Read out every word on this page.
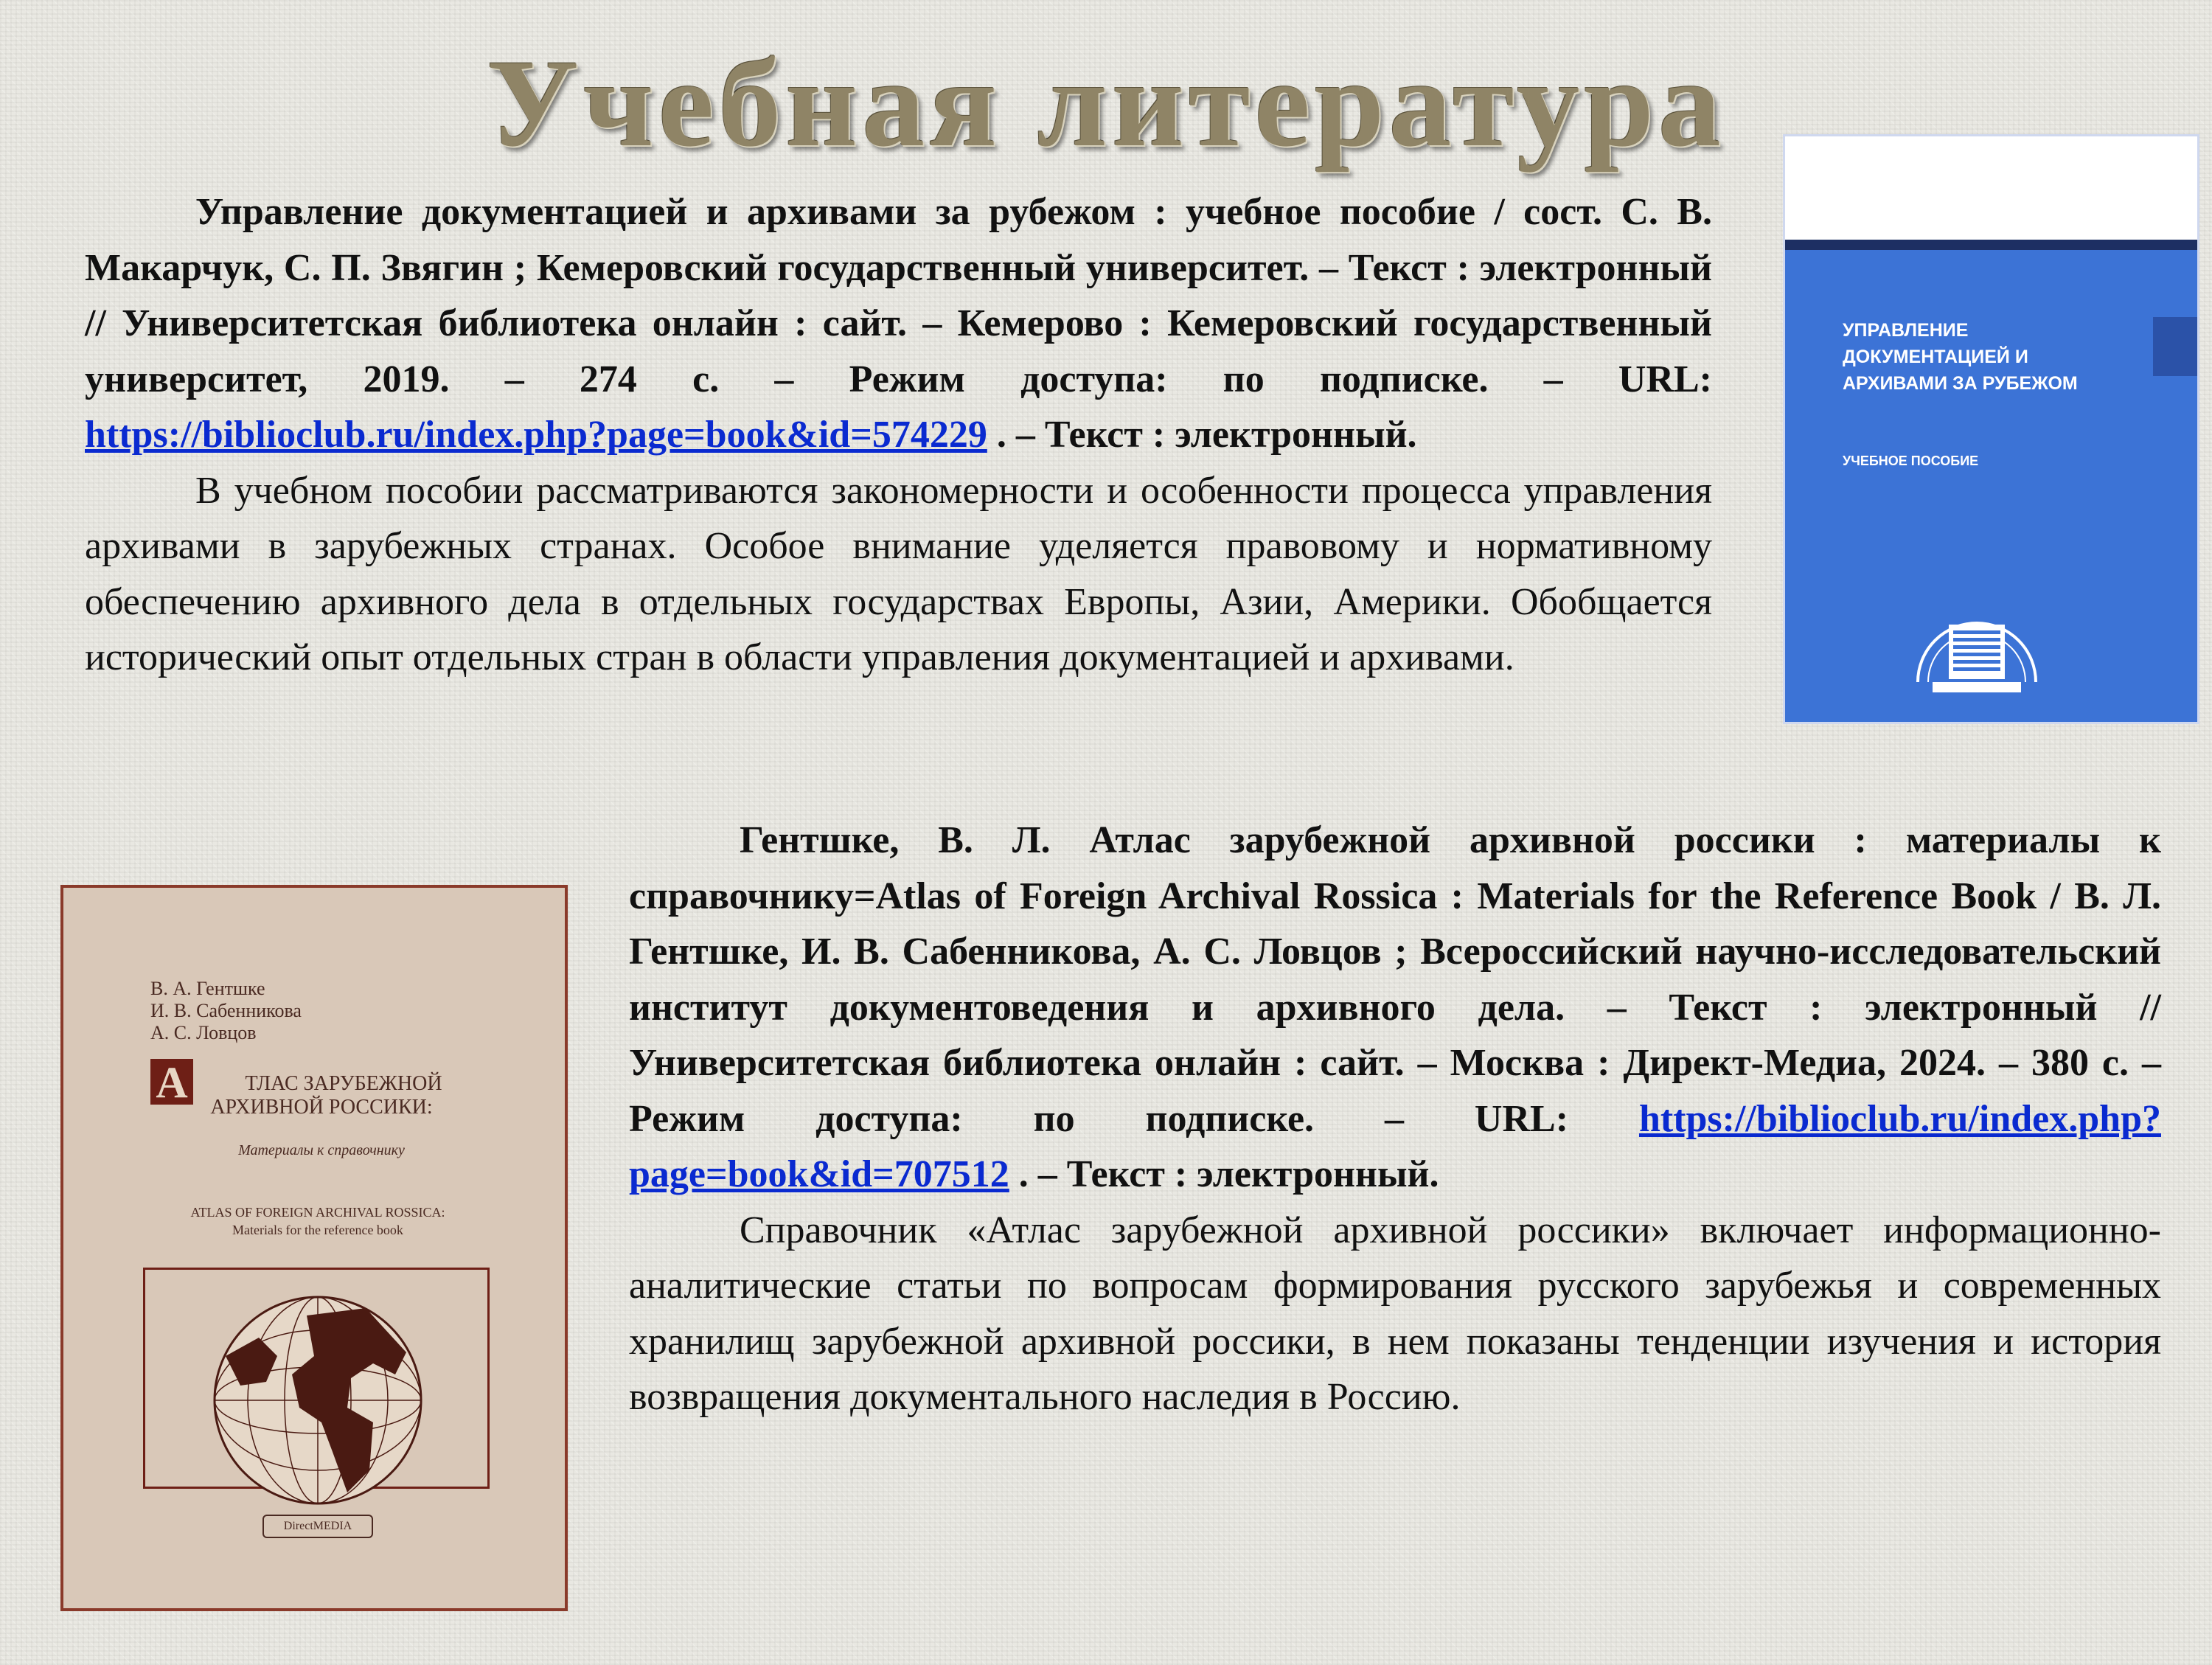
Учебная литература

Управление документацией и архивами за рубежом : учебное пособие / сост. С. В. Макарчук, С. П. Звягин ; Кемеровский государственный университет. – Текст : электронный // Университетская библиотека онлайн : сайт. – Кемерово : Кемеровский государственный университет, 2019. – 274 с. – Режим доступа: по подписке. – URL: https://biblioclub.ru/index.php?page=book&id=574229 . – Текст : электронный.

В учебном пособии рассматриваются закономерности и особенности процесса управления архивами в зарубежных странах. Особое внимание уделяется правовому и нормативному обеспечению архивного дела в отдельных государствах Европы, Азии, Америки. Обобщается исторический опыт отдельных стран в области управления документацией и архивами.

УПРАВЛЕНИЕ ДОКУМЕНТАЦИЕЙ И АРХИВАМИ ЗА РУБЕЖОМ
УЧЕБНОЕ ПОСОБИЕ
В. А. Гентшке
И. В. Сабенникова
А. С. Ловцов
А	ТЛАС ЗАРУБЕЖНОЙ
АРХИВНОЙ РОССИКИ:
Материалы к справочнику
ATLAS OF FOREIGN ARCHIVAL ROSSICA:
Materials for the reference book
DirectMEDIA

Гентшке, В. Л. Атлас зарубежной архивной россики : материалы к справочнику=Atlas of Foreign Archival Rossica : Materials for the Reference Book / В. Л. Гентшке, И. В. Сабенникова, А. С. Ловцов ; Всероссийский научно-исследовательский институт документоведения и архивного дела. – Текст : электронный // Университетская библиотека онлайн : сайт. – Москва : Директ-Медиа, 2024. – 380 с. – Режим доступа: по подписке. – URL: https://biblioclub.ru/index.php?page=book&id=707512 . – Текст : электронный.

Справочник «Атлас зарубежной архивной россики» включает информационно-аналитические статьи по вопросам формирования русского зарубежья и современных хранилищ зарубежной архивной россики, в нем показаны тенденции изучения и история возвращения документального наследия в Россию.
